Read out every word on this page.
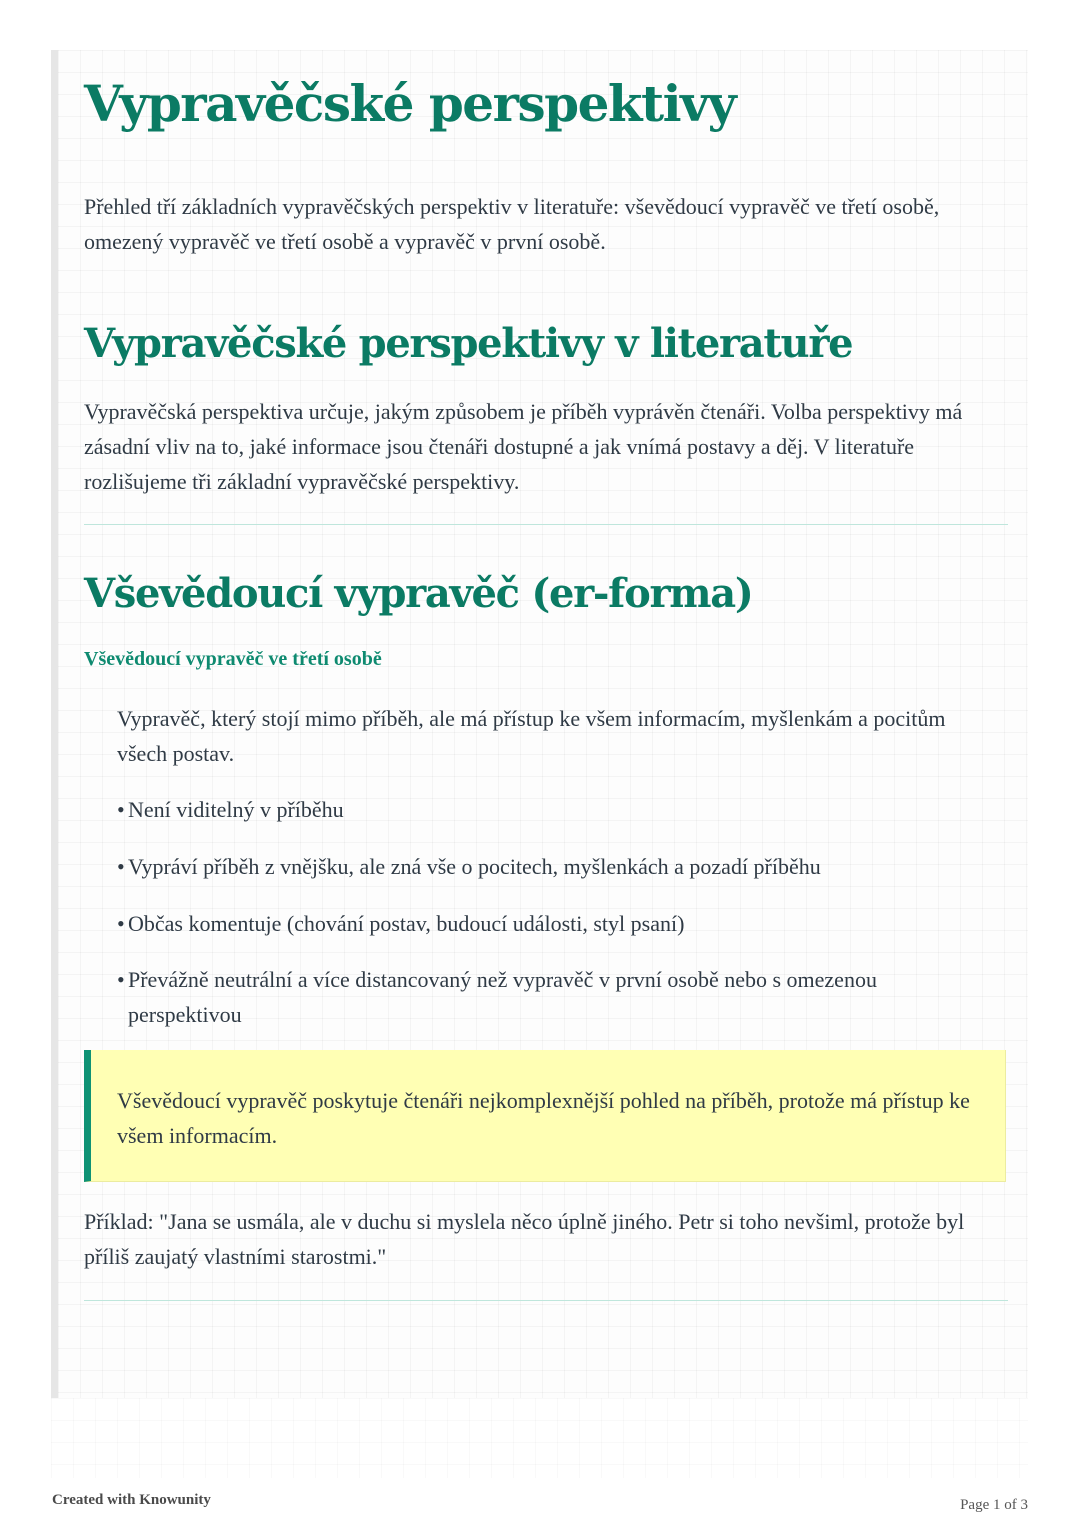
Vypravěčské perspektivy

Přehled tří základních vypravěčských perspektiv v literatuře: vševědoucí vypravěč ve třetí osobě, omezený vypravěč ve třetí osobě a vypravěč v první osobě.

Vypravěčské perspektivy v literatuře

Vypravěčská perspektiva určuje, jakým způsobem je příběh vyprávěn čtenáři. Volba perspektivy má zásadní vliv na to, jaké informace jsou čtenáři dostupné a jak vnímá postavy a děj. V literatuře rozlišujeme tři základní vypravěčské perspektivy.

Vševědoucí vypravěč (er-forma)
Vševědoucí vypravěč ve třetí osobě

Vypravěč, který stojí mimo příběh, ale má přístup ke všem informacím, myšlenkám a pocitům všech postav.

• Není viditelný v příběhu
• Vypráví příběh z vnějšku, ale zná vše o pocitech, myšlenkách a pozadí příběhu
• Občas komentuje (chování postav, budoucí události, styl psaní)
• Převážně neutrální a více distancovaný než vypravěč v první osobě nebo s omezenou perspektivou

Vševědoucí vypravěč poskytuje čtenáři nejkomplexnější pohled na příběh, protože má přístup ke všem informacím.

Příklad: "Jana se usmála, ale v duchu si myslela něco úplně jiného. Petr si toho nevšiml, protože byl příliš zaujatý vlastními starostmi."

Created with Knowunity	Page 1 of 3
